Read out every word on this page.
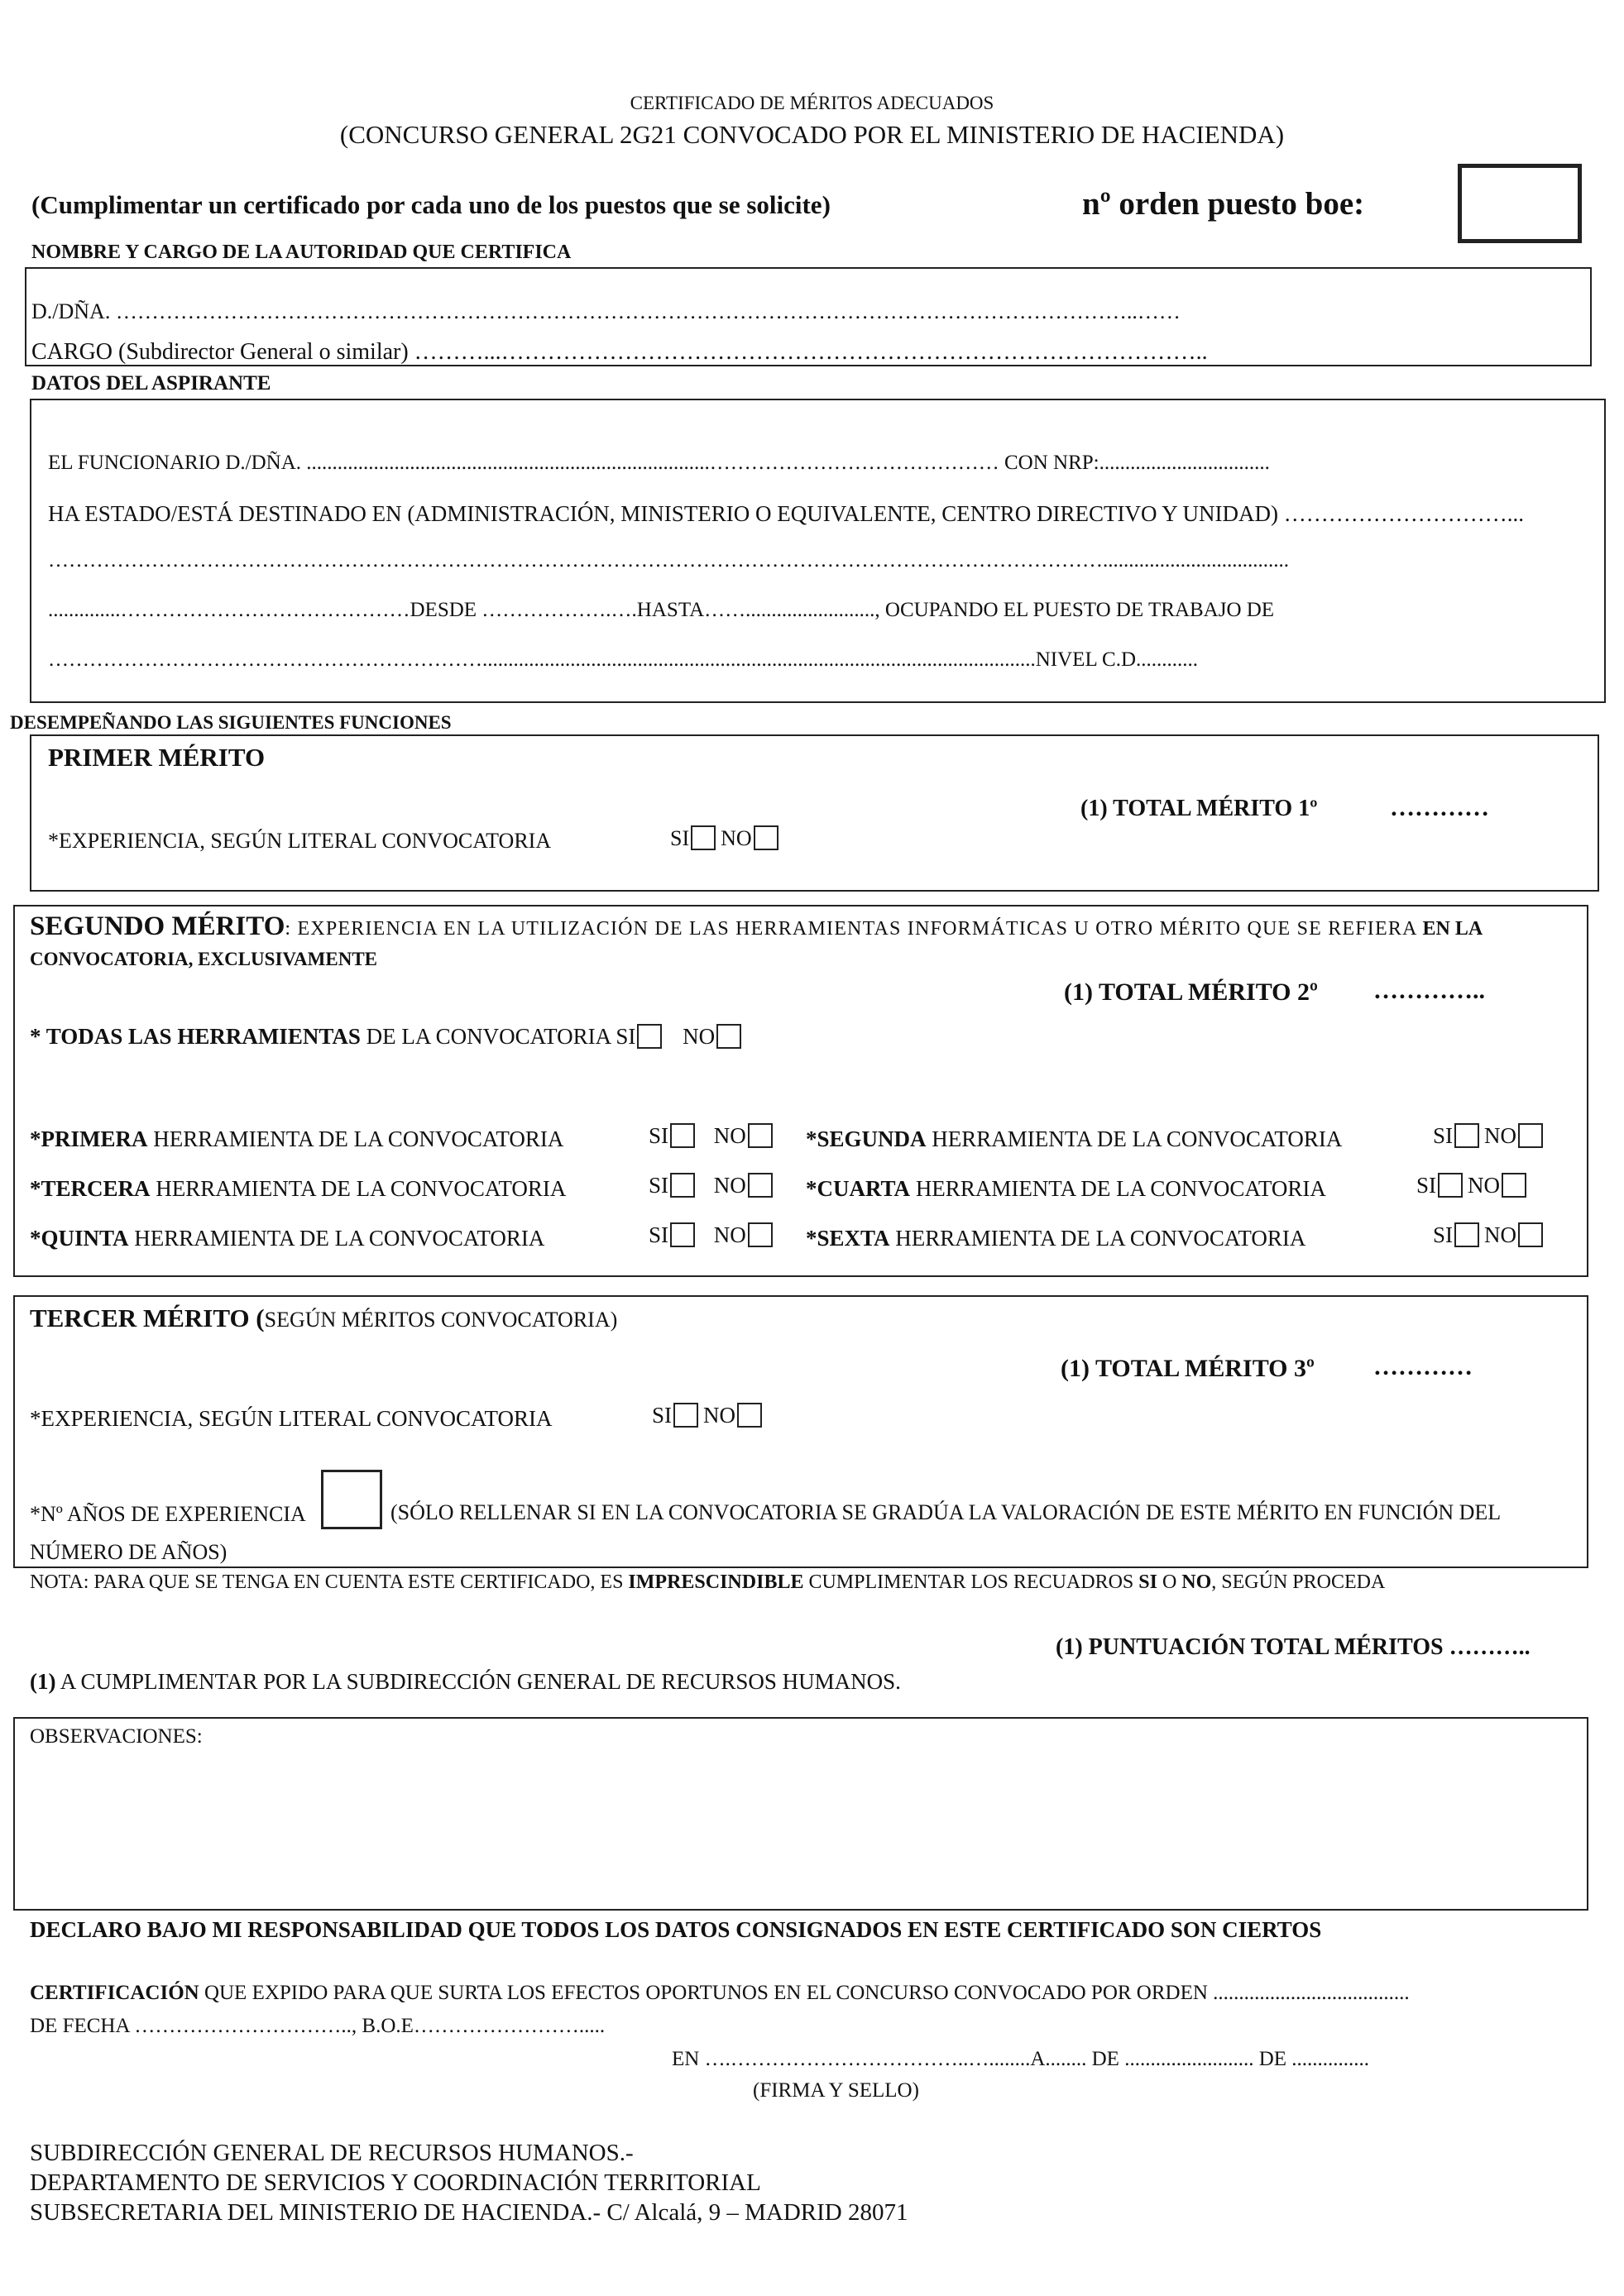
CERTIFICADO DE MÉRITOS ADECUADOS
(CONCURSO GENERAL 2G21 CONVOCADO POR EL MINISTERIO DE HACIENDA)
(Cumplimentar un certificado por cada uno de los puestos que se solicite)	nº orden puesto boe:
NOMBRE Y CARGO DE LA AUTORIDAD QUE CERTIFICA
D./DÑA. ……………………………………………………………………………………………………………………………..……
CARGO (Subdirector General o similar) ………...………………………………………………………………………………..
DATOS DEL ASPIRANTE
EL FUNCIONARIO D./DÑA. ..............................................................................…………………………………… CON NRP:.................................
HA ESTADO/ESTÁ DESTINADO EN (ADMINISTRACIÓN, MINISTERIO O EQUIVALENTE, CENTRO DIRECTIVO Y UNIDAD) …………………………...
………………………………………………………………………………………………………………………………………....................................
..............……………………………………DESDE ……………….….HASTA……........................., OCUPANDO EL PUESTO DE TRABAJO DE
………………………………………………………...........................................................................................................NIVEL C.D............
DESEMPEÑANDO LAS SIGUIENTES FUNCIONES
PRIMER MÉRITO
(1) TOTAL MÉRITO 1º	…………
*EXPERIENCIA, SEGÚN LITERAL CONVOCATORIA	SI NO
SEGUNDO MÉRITO: EXPERIENCIA EN LA UTILIZACIÓN DE LAS HERRAMIENTAS INFORMÁTICAS U OTRO MÉRITO QUE SE REFIERA EN LA
CONVOCATORIA, EXCLUSIVAMENTE
(1) TOTAL MÉRITO 2º …………..
* TODAS LAS HERRAMIENTAS DE LA CONVOCATORIA SI NO
*PRIMERA HERRAMIENTA DE LA CONVOCATORIA	SI NO	*SEGUNDA HERRAMIENTA DE LA CONVOCATORIA	SI NO
*TERCERA HERRAMIENTA DE LA CONVOCATORIA	SI NO	*CUARTA HERRAMIENTA DE LA CONVOCATORIA	SI NO
*QUINTA HERRAMIENTA DE LA CONVOCATORIA	SI NO	*SEXTA HERRAMIENTA DE LA CONVOCATORIA	SI NO
TERCER MÉRITO (SEGÚN MÉRITOS CONVOCATORIA)
(1) TOTAL MÉRITO 3º …………
*EXPERIENCIA, SEGÚN LITERAL CONVOCATORIA	SI NO
*Nº AÑOS DE EXPERIENCIA	(SÓLO RELLENAR SI EN LA CONVOCATORIA SE GRADÚA LA VALORACIÓN DE ESTE MÉRITO EN FUNCIÓN DEL
NÚMERO DE AÑOS)
NOTA: PARA QUE SE TENGA EN CUENTA ESTE CERTIFICADO, ES IMPRESCINDIBLE CUMPLIMENTAR LOS RECUADROS SI O NO, SEGÚN PROCEDA
(1) PUNTUACIÓN TOTAL MÉRITOS ………..
(1) A CUMPLIMENTAR POR LA SUBDIRECCIÓN GENERAL DE RECURSOS HUMANOS.
OBSERVACIONES:
DECLARO BAJO MI RESPONSABILIDAD QUE TODOS LOS DATOS CONSIGNADOS EN ESTE CERTIFICADO SON CIERTOS
CERTIFICACIÓN QUE EXPIDO PARA QUE SURTA LOS EFECTOS OPORTUNOS EN EL CONCURSO CONVOCADO POR ORDEN ......................................
DE FECHA ………………………….., B.O.E…………………….....
EN ….……………………………..…........A........ DE ......................... DE ...............
(FIRMA Y SELLO)
SUBDIRECCIÓN GENERAL DE RECURSOS HUMANOS.-
DEPARTAMENTO DE SERVICIOS Y COORDINACIÓN TERRITORIAL
SUBSECRETARIA DEL MINISTERIO DE HACIENDA.- C/ Alcalá, 9 – MADRID 28071
